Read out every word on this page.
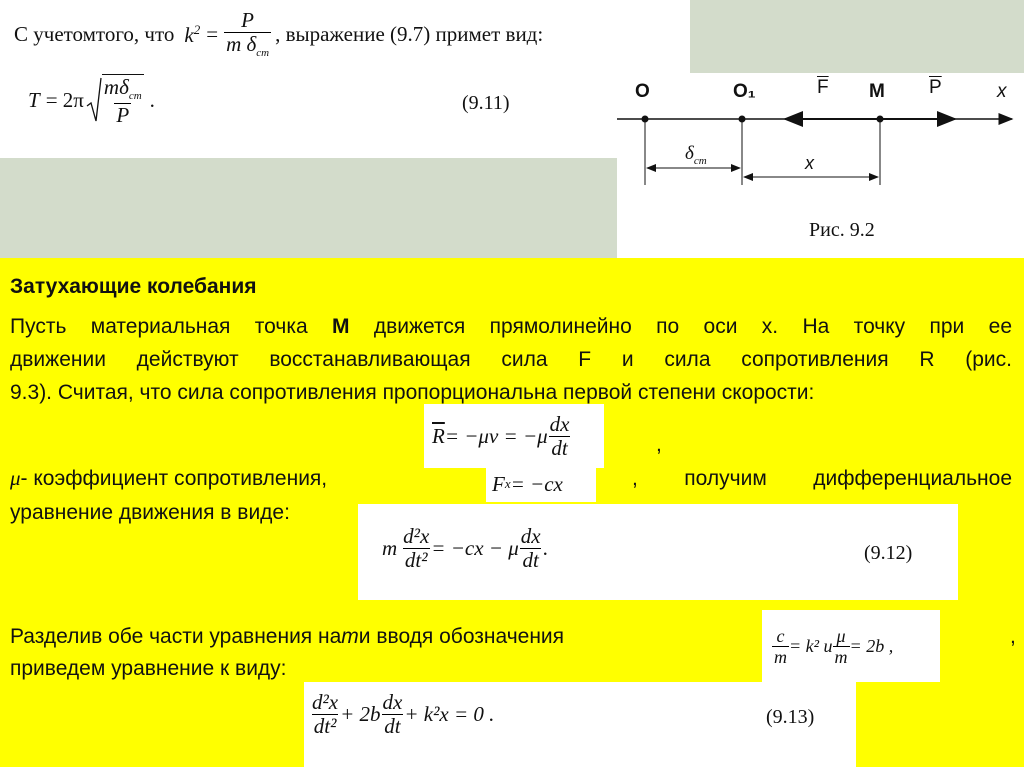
С учетомтого, что $k^2 = \frac{P}{m \delta_{cm}}$ , выражение (9.7) примет вид:
$T = 2\pi \frac{m\delta_{cm}}{P}$ .	(9.11)
O	O₁	$\overline{F}$ M $\overline{P}$	x
$\delta_{cm}$	x
Рис. 9.2
Затухающие колебания
Пусть материальная точка M движется прямолинейно по оси x. На точку при ее
движении действуют восстанавливающая сила F и сила сопротивления R (рис.
9.3). Считая, что сила сопротивления пропорциональна первой степени скорости:
$\overline{R} = -\mu v = -\mu \frac{dx}{dt}$	,
μ - коэффициент сопротивления,	F x = −cx	, получим дифференциальное
уравнение движения в виде:
m $\frac{\text{d²x}}{\text{dt²}} = -cx - \mu \frac{dx}{dt}$ .	(9.12)
Разделив обе части уравнения на m и вводя обозначения	$\frac{c}{m} = k^2$ и $\frac{\mu}{m} = 2b$ ,	,
приведем уравнение к виду:
$\frac{\text{d²x}}{\text{dt²}} + 2b \frac{dx}{dt} + k^2x = 0$ .	(9.13)
